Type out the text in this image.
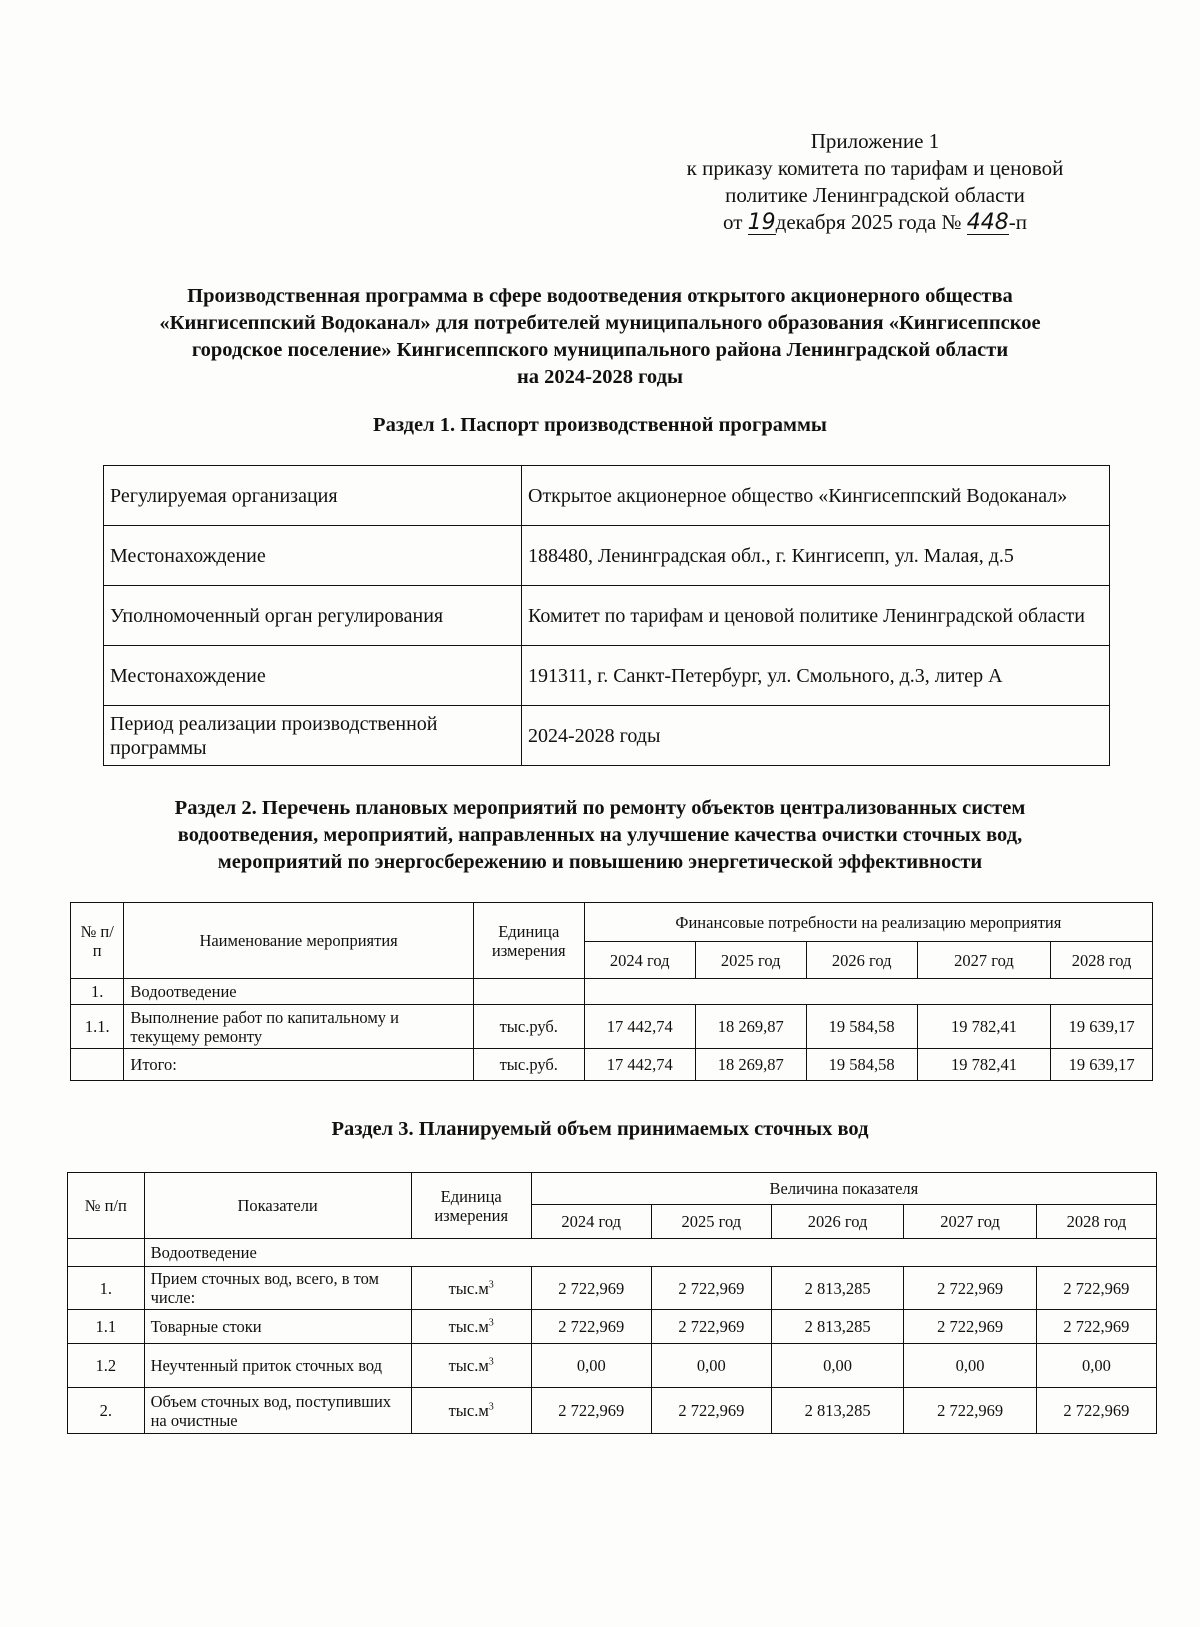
Приложение 1
к приказу комитета по тарифам и ценовой
политике Ленинградской области
от 19декабря 2025 года № 448-п
Производственная программа в сфере водоотведения открытого акционерного общества
«Кингисеппский Водоканал» для потребителей муниципального образования «Кингисеппское
городское поселение» Кингисеппского муниципального района Ленинградской области
на 2024-2028 годы
Раздел 1. Паспорт производственной программы
Регулируемая организация	Открытое акционерное общество «Кингисеппский Водоканал»
Местонахождение	188480, Ленинградская обл., г. Кингисепп, ул. Малая, д.5
Уполномоченный орган регулирования	Комитет по тарифам и ценовой политике Ленинградской области
Местонахождение	191311, г. Санкт-Петербург, ул. Смольного, д.3, литер А
Период реализации производственной программы	2024-2028 годы
Раздел 2. Перечень плановых мероприятий по ремонту объектов централизованных систем
водоотведения, мероприятий, направленных на улучшение качества очистки сточных вод,
мероприятий по энергосбережению и повышению энергетической эффективности
№ п/п	Наименование мероприятия	Единица измерения	Финансовые потребности на реализацию мероприятия				
			2024 год	2025 год	2026 год	2027 год	2028 год
1.	Водоотведение						
1.1.	Выполнение работ по капитальному и текущему ремонту	тыс.руб.	17 442,74	18 269,87	19 584,58	19 782,41	19 639,17
	Итого:	тыс.руб.	17 442,74	18 269,87	19 584,58	19 782,41	19 639,17
Раздел 3. Планируемый объем принимаемых сточных вод
№ п/п	Показатели	Единица измерения	Величина показателя				
			2024 год	2025 год	2026 год	2027 год	2028 год
	Водоотведение						
1.	Прием сточных вод, всего, в том числе:	$тыс.м^3$	2 722,969	2 722,969	2 813,285	2 722,969	2 722,969
1.1	Товарные стоки	$тыс.м^3$	2 722,969	2 722,969	2 813,285	2 722,969	2 722,969
1.2	Неучтенный приток сточных вод	$тыс.м^3$	0,00	0,00	0,00	0,00	0,00
2.	Объем сточных вод, поступивших на очистные	$тыс.м^3$	2 722,969	2 722,969	2 813,285	2 722,969	2 722,969
